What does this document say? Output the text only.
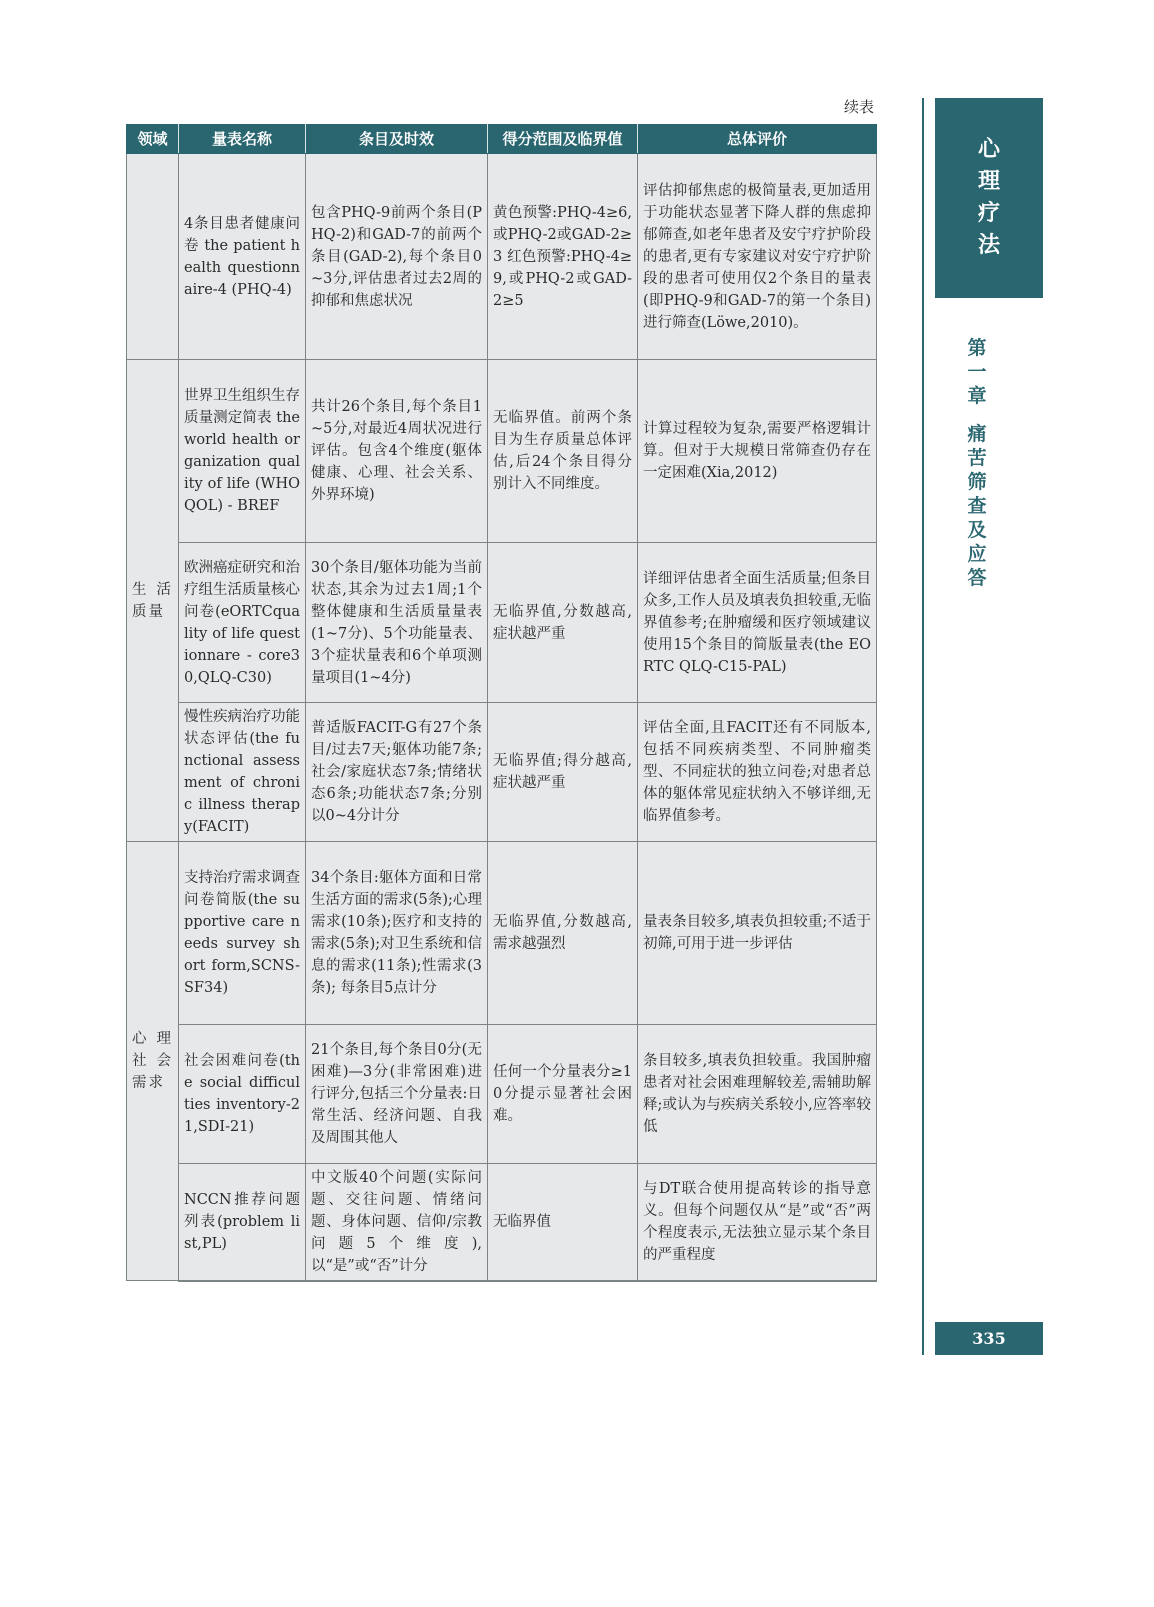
续表
领域	量表名称	条目及时效	得分范围及临界值	总体评价
	4条目患者健康问卷 the patient health questionnaire-4 (PHQ-4)	包含PHQ-9前两个条目(PHQ-2)和GAD-7的前两个条目(GAD-2),每个条目0~3分,评估患者过去2周的抑郁和焦虑状况	黄色预警:PHQ-4≥6,或PHQ-2或GAD-2≥3 红色预警:PHQ-4≥9,或PHQ-2或GAD-2≥5	评估抑郁焦虑的极简量表,更加适用于功能状态显著下降人群的焦虑抑郁筛查,如老年患者及安宁疗护阶段的患者,更有专家建议对安宁疗护阶段的患者可使用仅2个条目的量表(即PHQ-9和GAD-7的第一个条目)进行筛查(Löwe,2010)。
生活质量	世界卫生组织生存质量测定简表 the world health organization quality of life (WHOQOL) - BREF	共计26个条目,每个条目1~5分,对最近4周状况进行评估。包含4个维度(躯体健康、心理、社会关系、外界环境)	无临界值。前两个条目为生存质量总体评估,后24个条目得分别计入不同维度。	计算过程较为复杂,需要严格逻辑计算。但对于大规模日常筛查仍存在一定困难(Xia,2012)
	欧洲癌症研究和治疗组生活质量核心问卷(eORTCquality of life questionnare - core30,QLQ-C30)	30个条目/躯体功能为当前状态,其余为过去1周;1个整体健康和生活质量量表(1~7分)、5个功能量表、3个症状量表和6个单项测量项目(1~4分)	无临界值,分数越高,症状越严重	详细评估患者全面生活质量;但条目众多,工作人员及填表负担较重,无临界值参考;在肿瘤缓和医疗领域建议使用15个条目的简版量表(the EORTC QLQ-C15-PAL)
	慢性疾病治疗功能状态评估(the functional assessment of chronic illness therapy(FACIT)	普适版FACIT-G有27个条目/过去7天;躯体功能7条;社会/家庭状态7条;情绪状态6条;功能状态7条;分别以0~4分计分	无临界值;得分越高,症状越严重	评估全面,且FACIT还有不同版本,包括不同疾病类型、不同肿瘤类型、不同症状的独立问卷;对患者总体的躯体常见症状纳入不够详细,无临界值参考。
心理社会需求	支持治疗需求调查问卷简版(the supportive care needs survey short form,SCNS-SF34)	34个条目:躯体方面和日常生活方面的需求(5条);心理需求(10条);医疗和支持的需求(5条);对卫生系统和信息的需求(11条);性需求(3条); 每条目5点计分	无临界值,分数越高,需求越强烈	量表条目较多,填表负担较重;不适于初筛,可用于进一步评估
	社会困难问卷(the social difficulties inventory-21,SDI-21)	21个条目,每个条目0分(无困难)—3分(非常困难)进行评分,包括三个分量表:日常生活、经济问题、自我及周围其他人	任何一个分量表分≥10分提示显著社会困难。	条目较多,填表负担较重。我国肿瘤患者对社会困难理解较差,需辅助解释;或认为与疾病关系较小,应答率较低
	NCCN推荐问题列表(problem list,PL)	中文版40个问题(实际问题、交往问题、情绪问题、身体问题、信仰/宗教问题5个维度),以“是”或“否”计分	无临界值	与DT联合使用提高转诊的指导意义。但每个问题仅从“是”或“否”两个程度表示,无法独立显示某个条目的严重程度
心
理
疗
法
第
一
章
痛
苦
筛
查
及
应
答
335
